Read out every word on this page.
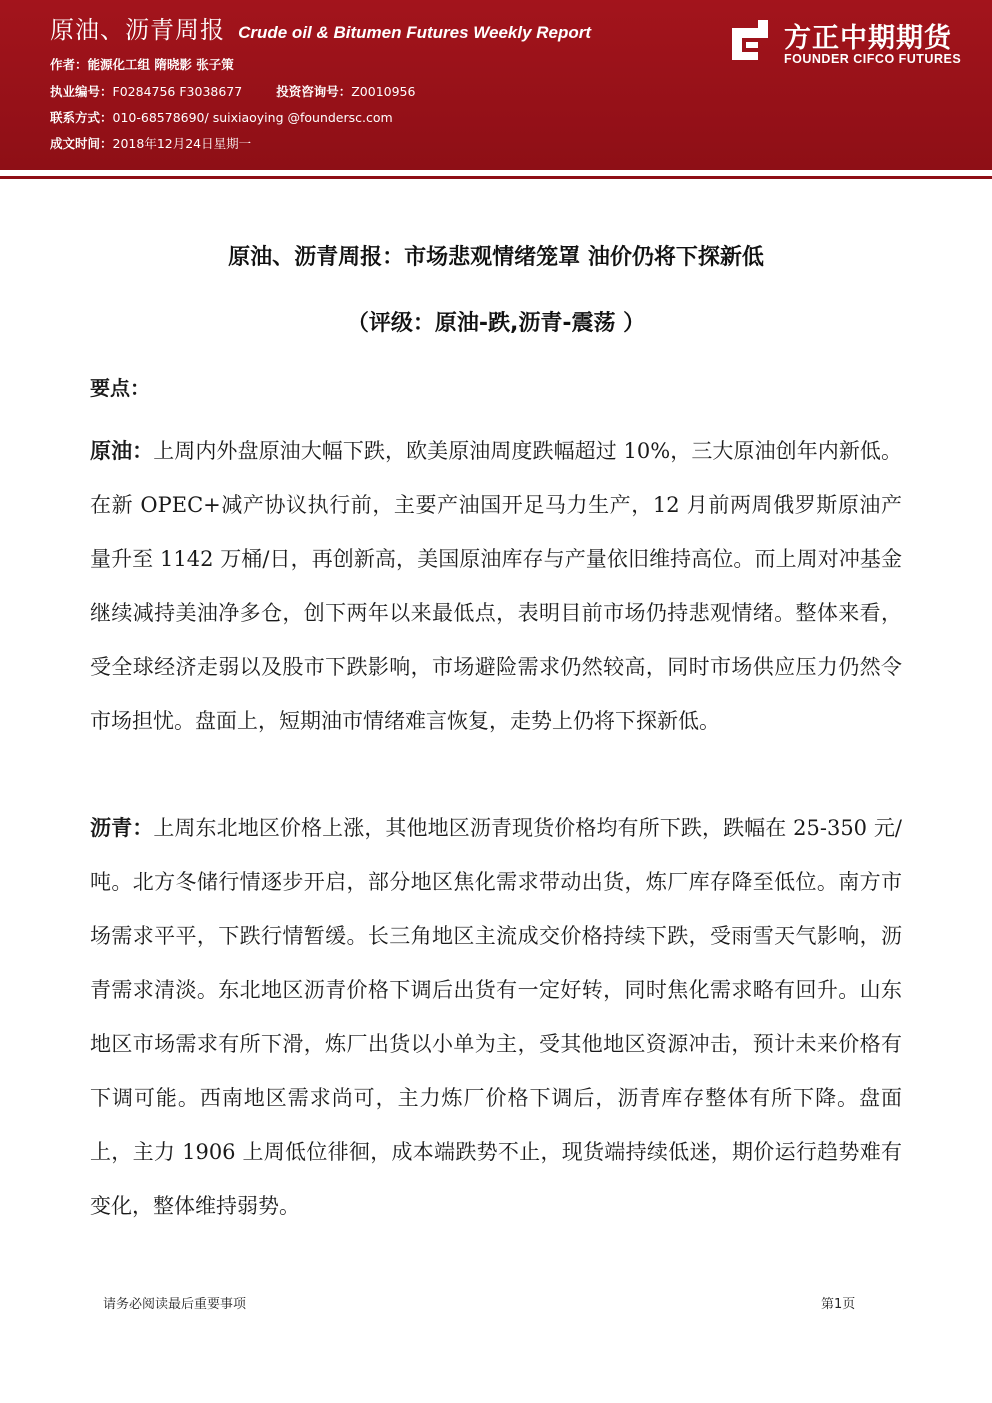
原油、沥青周报 Crude oil & Bitumen Futures Weekly Report
作者：能源化工组 隋晓影 张子策
执业编号：F0284756 F3038677	投资咨询号：Z0010956
联系方式：010-68578690/ suixiaoying @foundersc.com
成文时间：2018年12月24日星期一
方正中期期货
FOUNDER CIFCO FUTURES
原油、沥青周报：市场悲观情绪笼罩 油价仍将下探新低
（评级：原油-跌,沥青-震荡 ）
要点：
原油：上周内外盘原油大幅下跌，欧美原油周度跌幅超过 10%，三大原油创年内新低。在新 OPEC+减产协议执行前，主要产油国开足马力生产，12 月前两周俄罗斯原油产量升至 1142 万桶/日，再创新高，美国原油库存与产量依旧维持高位。而上周对冲基金继续减持美油净多仓，创下两年以来最低点，表明目前市场仍持悲观情绪。整体来看，受全球经济走弱以及股市下跌影响，市场避险需求仍然较高，同时市场供应压力仍然令市场担忧。盘面上，短期油市情绪难言恢复，走势上仍将下探新低。
沥青：上周东北地区价格上涨，其他地区沥青现货价格均有所下跌，跌幅在 25-350 元/吨。北方冬储行情逐步开启，部分地区焦化需求带动出货，炼厂库存降至低位。南方市场需求平平，下跌行情暂缓。长三角地区主流成交价格持续下跌，受雨雪天气影响，沥青需求清淡。东北地区沥青价格下调后出货有一定好转，同时焦化需求略有回升。山东地区市场需求有所下滑，炼厂出货以小单为主，受其他地区资源冲击，预计未来价格有下调可能。西南地区需求尚可，主力炼厂价格下调后，沥青库存整体有所下降。盘面上，主力 1906 上周低位徘徊，成本端跌势不止，现货端持续低迷，期价运行趋势难有变化，整体维持弱势。
请务必阅读最后重要事项	第1页
